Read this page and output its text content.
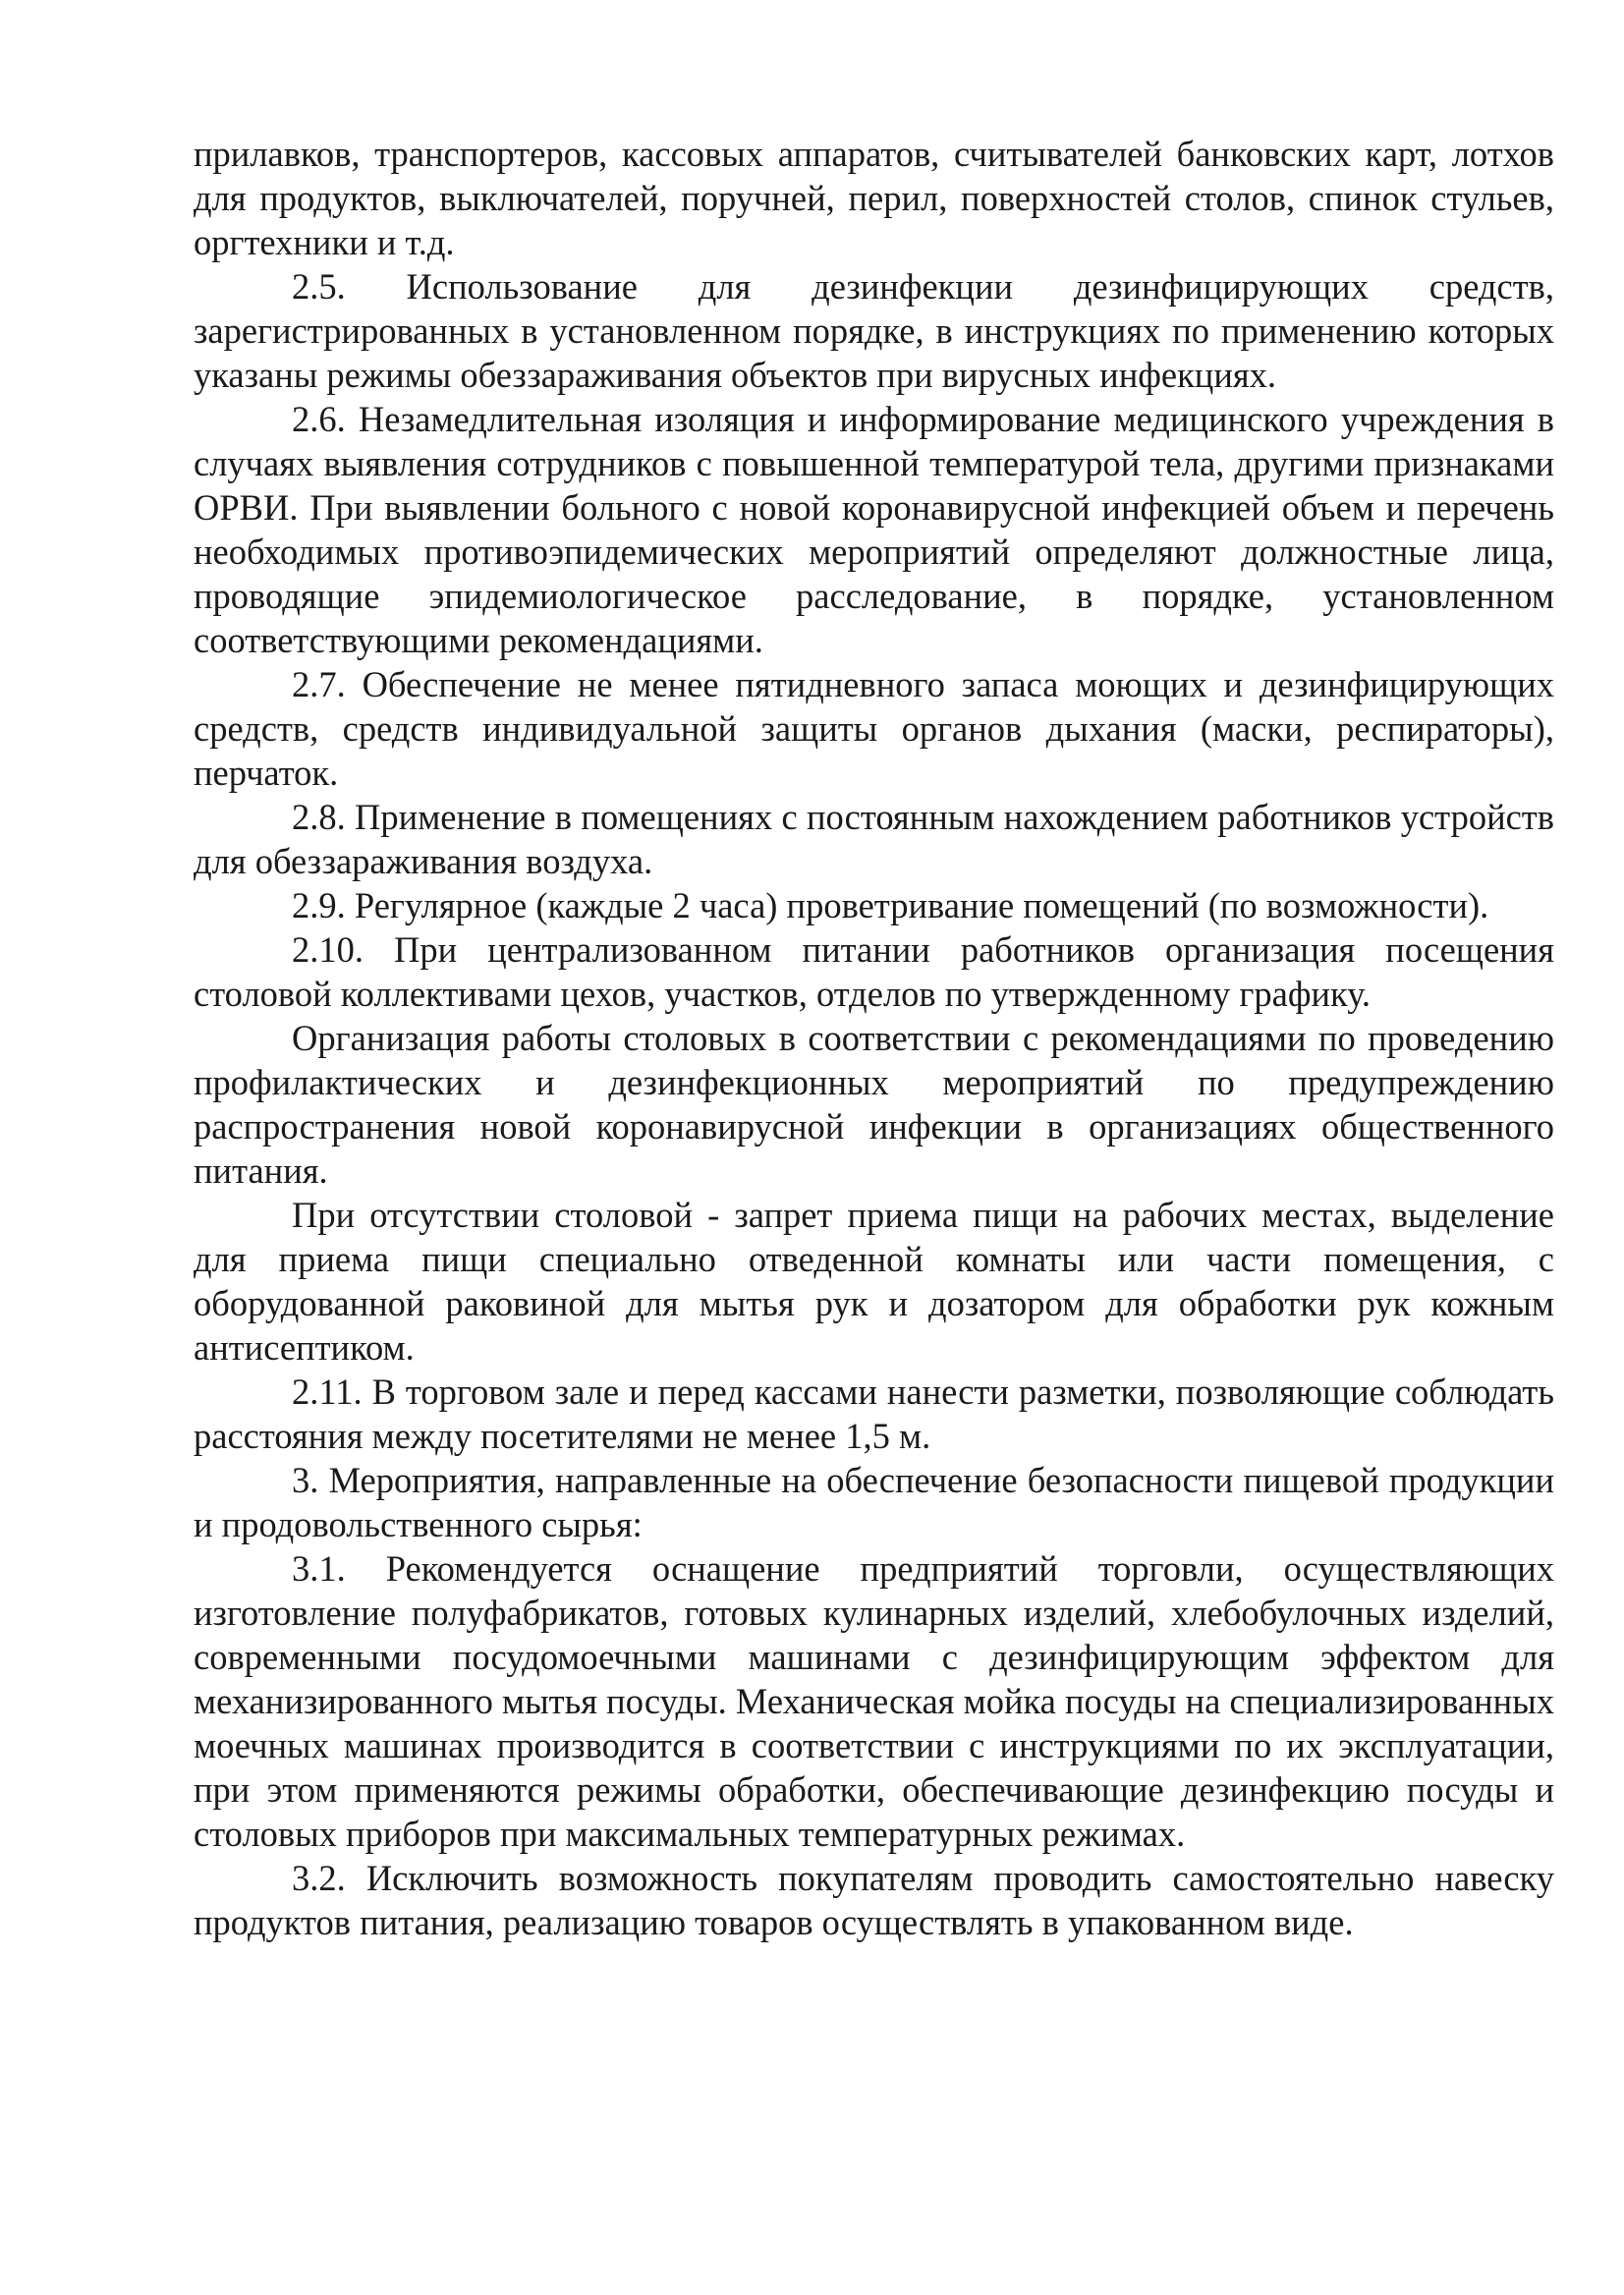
прилавков, транспортеров, кассовых аппаратов, считывателей банковских карт, лотхов для продуктов, выключателей, поручней, перил, поверхностей столов, спинок стульев, оргтехники и т.д.

2.5. Использование для дезинфекции дезинфицирующих средств, зарегистрированных в установленном порядке, в инструкциях по применению которых указаны режимы обеззараживания объектов при вирусных инфекциях.

2.6. Незамедлительная изоляция и информирование медицинского учреждения в случаях выявления сотрудников с повышенной температурой тела, другими признаками ОРВИ. При выявлении больного с новой коронавирусной инфекцией объем и перечень необходимых противоэпидемических мероприятий определяют должностные лица, проводящие эпидемиологическое расследование, в порядке, установленном соответствующими рекомендациями.

2.7. Обеспечение не менее пятидневного запаса моющих и дезинфицирующих средств, средств индивидуальной защиты органов дыхания (маски, респираторы), перчаток.

2.8. Применение в помещениях с постоянным нахождением работников устройств для обеззараживания воздуха.

2.9. Регулярное (каждые 2 часа) проветривание помещений (по возможности).

2.10. При централизованном питании работников организация посещения столовой коллективами цехов, участков, отделов по утвержденному графику.

Организация работы столовых в соответствии с рекомендациями по проведению профилактических и дезинфекционных мероприятий по предупреждению распространения новой коронавирусной инфекции в организациях общественного питания.

При отсутствии столовой - запрет приема пищи на рабочих местах, выделение для приема пищи специально отведенной комнаты или части помещения, с оборудованной раковиной для мытья рук и дозатором для обработки рук кожным антисептиком.

2.11. В торговом зале и перед кассами нанести разметки, позволяющие соблюдать расстояния между посетителями не менее 1,5 м.

3. Мероприятия, направленные на обеспечение безопасности пищевой продукции и продовольственного сырья:

3.1. Рекомендуется оснащение предприятий торговли, осуществляющих изготовление полуфабрикатов, готовых кулинарных изделий, хлебобулочных изделий, современными посудомоечными машинами с дезинфицирующим эффектом для механизированного мытья посуды. Механическая мойка посуды на специализированных моечных машинах производится в соответствии с инструкциями по их эксплуатации, при этом применяются режимы обработки, обеспечивающие дезинфекцию посуды и столовых приборов при максимальных температурных режимах.

3.2. Исключить возможность покупателям проводить самостоятельно навеску продуктов питания, реализацию товаров осуществлять в упакованном виде.
